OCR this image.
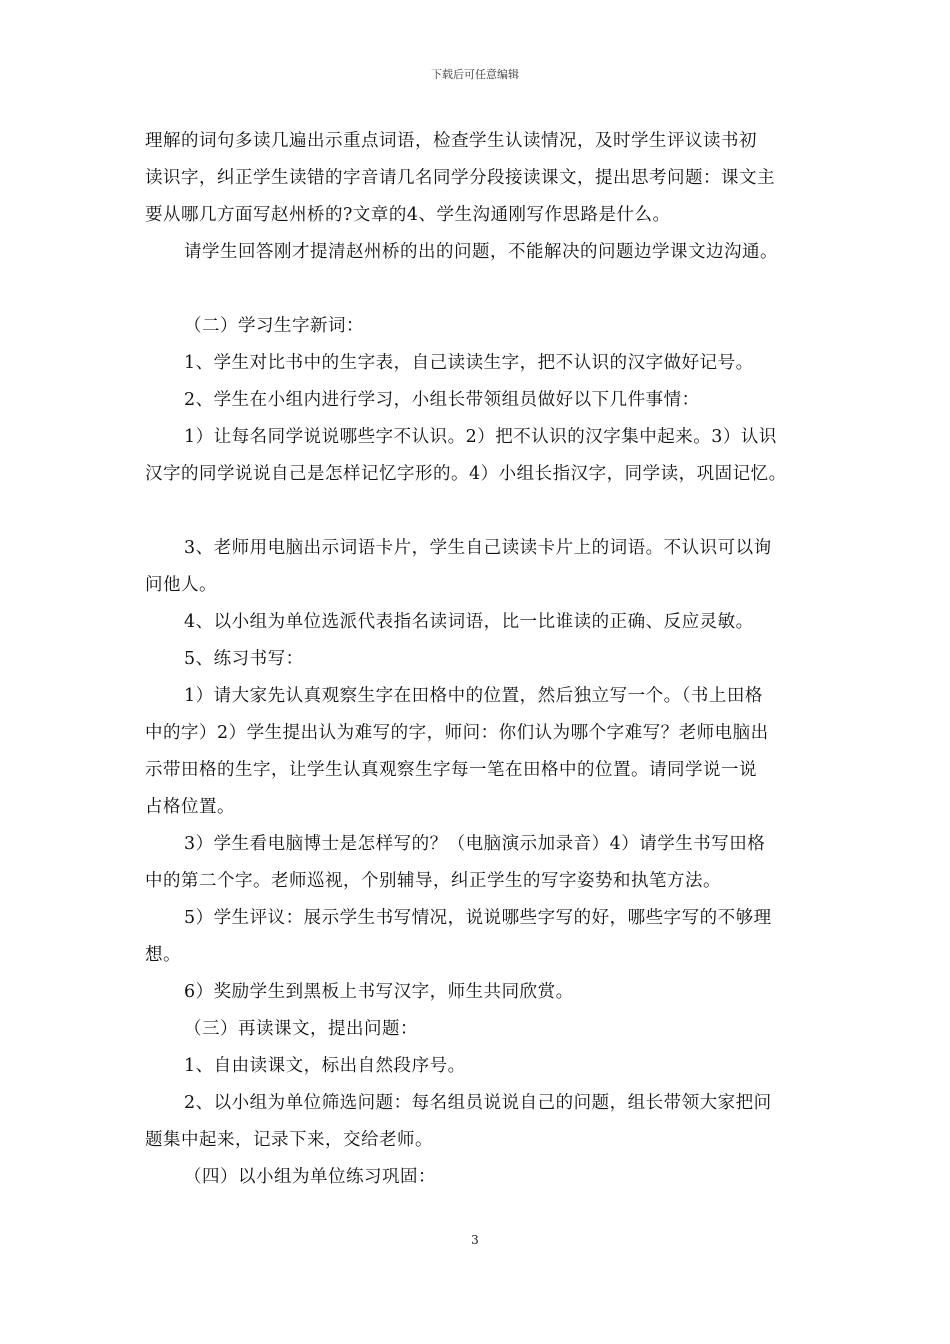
下载后可任意编辑
理解的词句多读几遍出示重点词语，检查学生认读情况，及时学生评议读书初
读识字，纠正学生读错的字音请几名同学分段接读课文，提出思考问题：课文主
要从哪几方面写赵州桥的?文章的4、学生沟通刚写作思路是什么。
请学生回答刚才提清赵州桥的出的问题，不能解决的问题边学课文边沟通。
（二）学习生字新词：
1、学生对比书中的生字表，自己读读生字，把不认识的汉字做好记号。
2、学生在小组内进行学习，小组长带领组员做好以下几件事情：
1）让每名同学说说哪些字不认识。2）把不认识的汉字集中起来。3）认识
汉字的同学说说自己是怎样记忆字形的。4）小组长指汉字，同学读，巩固记忆。
3、老师用电脑出示词语卡片，学生自己读读卡片上的词语。不认识可以询
问他人。
4、以小组为单位选派代表指名读词语，比一比谁读的正确、反应灵敏。
5、练习书写：
1）请大家先认真观察生字在田格中的位置，然后独立写一个。（书上田格
中的字）2）学生提出认为难写的字，师问：你们认为哪个字难写？老师电脑出
示带田格的生字，让学生认真观察生字每一笔在田格中的位置。请同学说一说
占格位置。
3）学生看电脑博士是怎样写的？（电脑演示加录音）4）请学生书写田格
中的第二个字。老师巡视，个别辅导，纠正学生的写字姿势和执笔方法。
5）学生评议：展示学生书写情况，说说哪些字写的好，哪些字写的不够理
想。
6）奖励学生到黑板上书写汉字，师生共同欣赏。
（三）再读课文，提出问题：
1、自由读课文，标出自然段序号。
2、以小组为单位筛选问题：每名组员说说自己的问题，组长带领大家把问
题集中起来，记录下来，交给老师。
（四）以小组为单位练习巩固：
3
